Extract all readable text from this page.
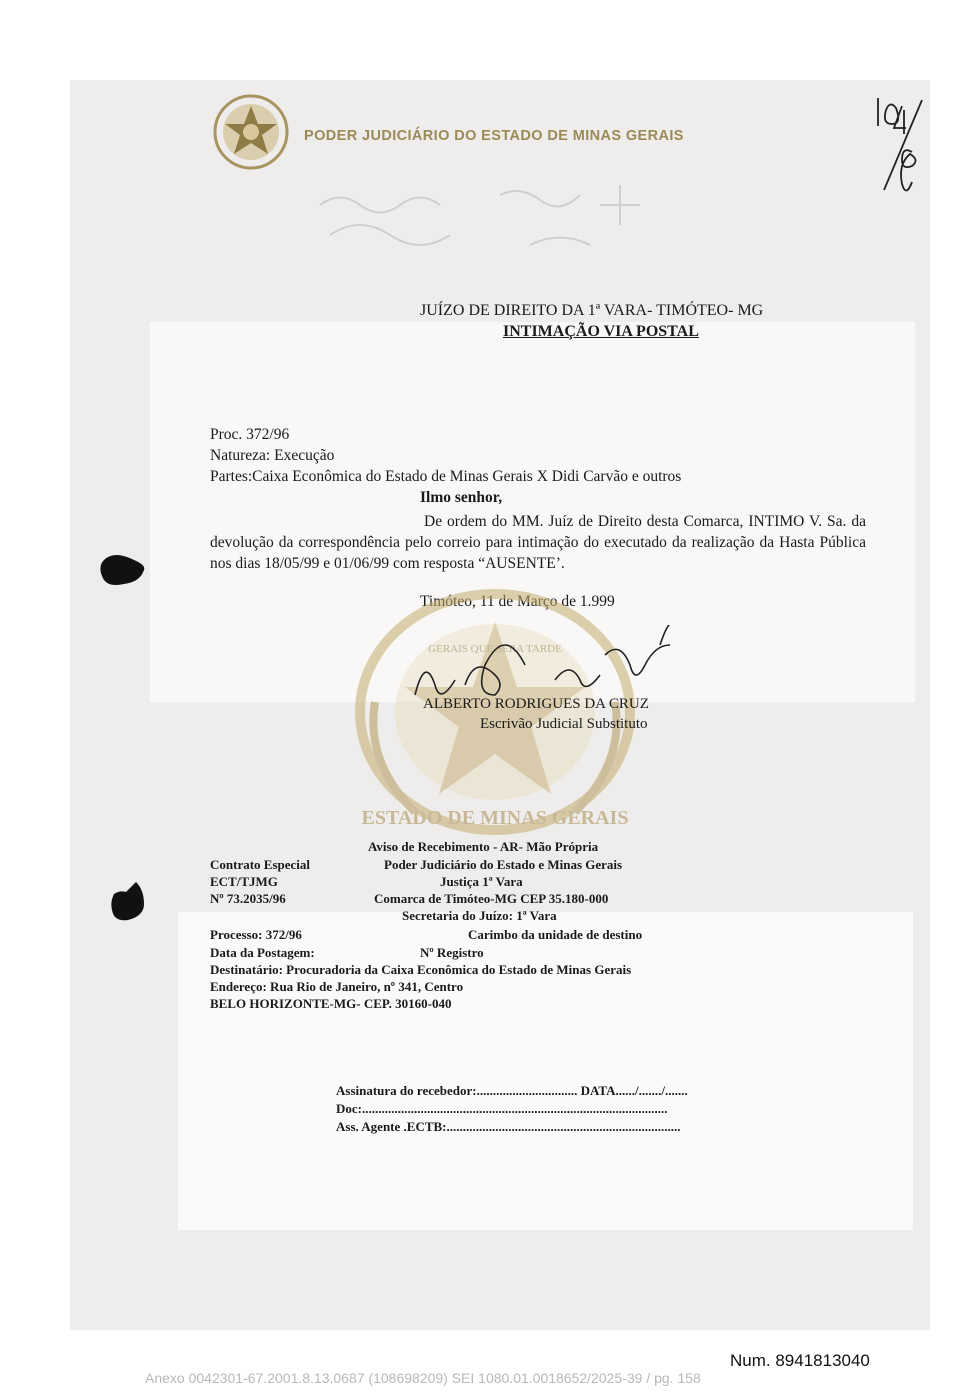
PODER JUDICIÁRIO DO ESTADO DE MINAS GERAIS
JUÍZO DE DIREITO DA 1ª VARA- TIMÓTEO- MG
INTIMAÇÃO VIA POSTAL
Proc. 372/96
Natureza: Execução
Partes:Caixa Econômica do Estado de Minas Gerais X Didi Carvão e outros
Ilmo senhor,
De ordem do MM. Juíz de Direito desta Comarca, INTIMO V. Sa. da devolução da correspondência pelo correio para intimação do executado da realização da Hasta Pública nos dias 18/05/99 e 01/06/99 com resposta “AUSENTE’.
Timóteo, 11 de Março de 1.999
GERAIS QUE SERA TARDE
ESTADO DE MINAS GERAIS
ALBERTO RODRIGUES DA CRUZ
Escrivão Judicial Substituto
Aviso de Recebimento - AR- Mão Própria
Contrato Especial	Poder Judiciário do Estado e Minas Gerais
ECT/TJMG	Justiça 1ª Vara
Nº 73.2035/96	Comarca de Timóteo-MG CEP 35.180-000
Secretaria do Juízo: 1ª Vara
Processo: 372/96	Carimbo da unidade de destino
Data da Postagem:	Nº Registro
Destinatário: Procuradoria da Caixa Econômica do Estado de Minas Gerais
Endereço: Rua Rio de Janeiro, nº 341, Centro
BELO HORIZONTE-MG- CEP. 30160-040
Assinatura do recebedor:............................... DATA....../......./.......
Doc:..............................................................................................
Ass. Agente .ECTB:........................................................................
Num. 8941813040
Anexo 0042301-67.2001.8.13.0687 (108698209) SEI 1080.01.0018652/2025-39 / pg. 158
